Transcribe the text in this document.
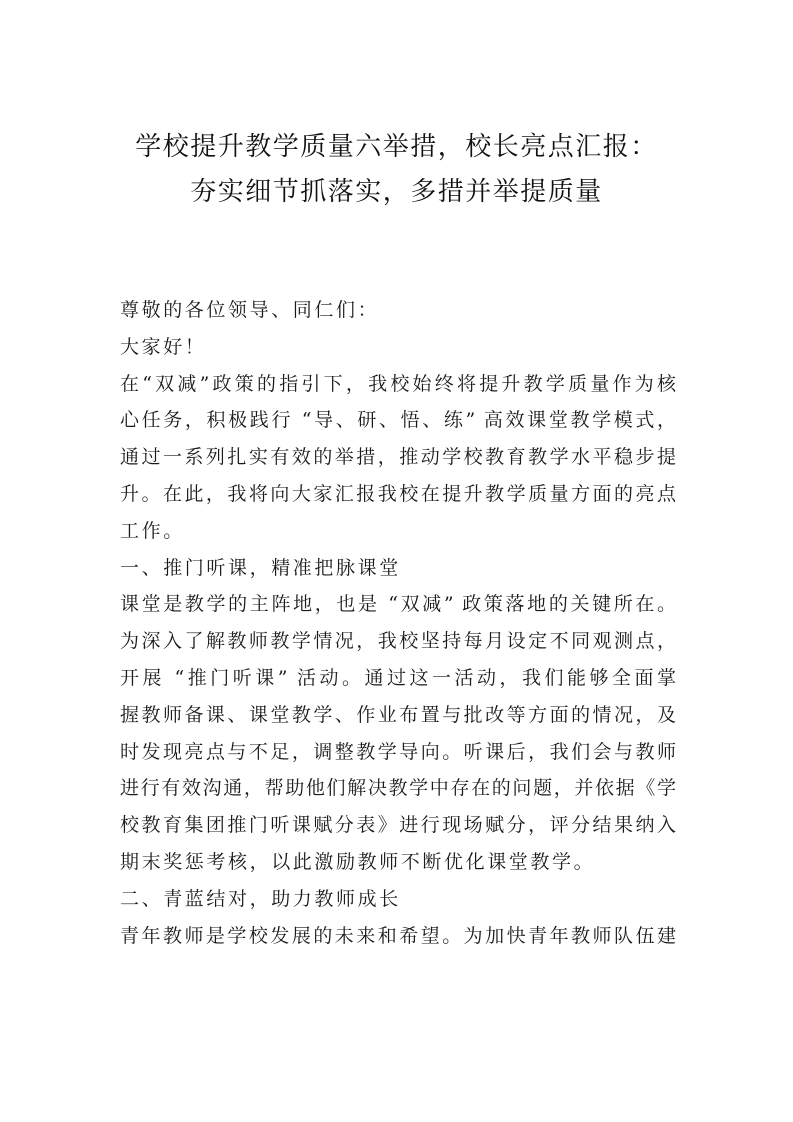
学校提升教学质量六举措，校长亮点汇报：
夯实细节抓落实，多措并举提质量
尊敬的各位领导、同仁们：
大家好！
在“双减”政策的指引下，我校始终将提升教学质量作为核
心任务，积极践行 “导、研、悟、练” 高效课堂教学模式，
通过一系列扎实有效的举措，推动学校教育教学水平稳步提
升。在此，我将向大家汇报我校在提升教学质量方面的亮点
工作。
一、推门听课，精准把脉课堂
课堂是教学的主阵地，也是 “双减” 政策落地的关键所在。
为深入了解教师教学情况，我校坚持每月设定不同观测点，
开展 “推门听课” 活动。通过这一活动，我们能够全面掌
握教师备课、课堂教学、作业布置与批改等方面的情况，及
时发现亮点与不足，调整教学导向。听课后，我们会与教师
进行有效沟通，帮助他们解决教学中存在的问题，并依据《学
校教育集团推门听课赋分表》进行现场赋分，评分结果纳入
期末奖惩考核，以此激励教师不断优化课堂教学。
二、青蓝结对，助力教师成长
青年教师是学校发展的未来和希望。为加快青年教师队伍建
